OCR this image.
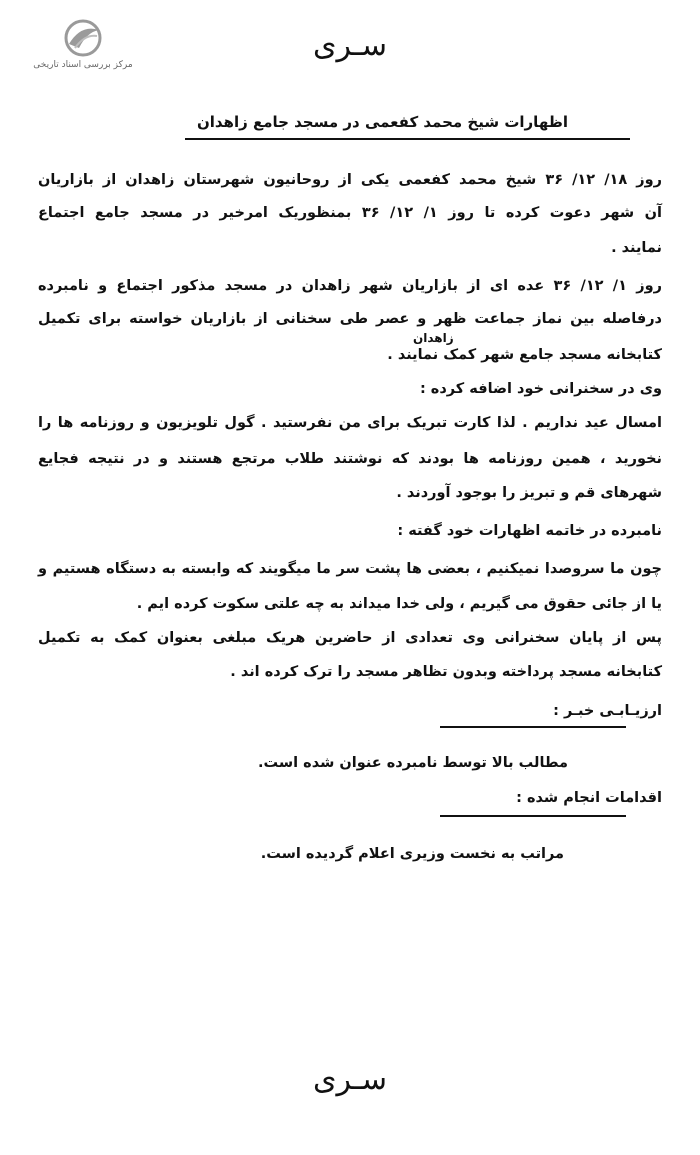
مرکز بررسی اسناد تاریخی
سـری
اظهارات شیخ محمد کفعمی در مسجد جامع زاهدان
روز ۱۸/ ۱۲/ ۳۶ شیخ محمد کفعمی یکی از روحانیون شهرستان زاهدان از بازاریان
آن شهر دعوت کرده تا روز ۱/ ۱۲/ ۳۶ بمنظوریک امرخیر در مسجد جامع اجتماع
نمایند .
روز ۱/ ۱۲/ ۳۶ عده ای از بازاریان شهر زاهدان در مسجد مذکور اجتماع و نامبرده
درفاصله بین نماز جماعت ظهر و عصر طی سخنانی از بازاریان خواسته برای تکمیل
زاهدان
کتابخانه مسجد جامع شهر کمک نمایند .
وی در سخنرانی خود اضافه کرده :
امسال عید نداریم . لذا کارت تبریک برای من نفرستید . گول تلویزیون و روزنامه ها را
نخورید ، همین روزنامه ها بودند که نوشتند طلاب مرتجع هستند و در نتیجه فجایع
شهرهای قم و تبریز را بوجود آوردند .
نامبرده در خاتمه اظهارات خود گفته :
چون ما سروصدا نمیکنیم ، بعضی ها پشت سر ما میگویند که وابسته به دستگاه هستیم و
یا از جائی حقوق می گیریم ، ولی خدا میداند به چه علتی سکوت کرده ایم .
پس از پایان سخنرانی وی تعدادی از حاضرین هریک مبلغی بعنوان کمک به تکمیل
کتابخانه مسجد پرداخته وبدون تظاهر مسجد را ترک کرده اند .
ارزیـابـی خبـر :
مطالب بالا توسط نامبرده عنوان شده است.
اقدامات انجام شده :
مراتب به نخست وزیری اعلام گردیده است.
سـری
